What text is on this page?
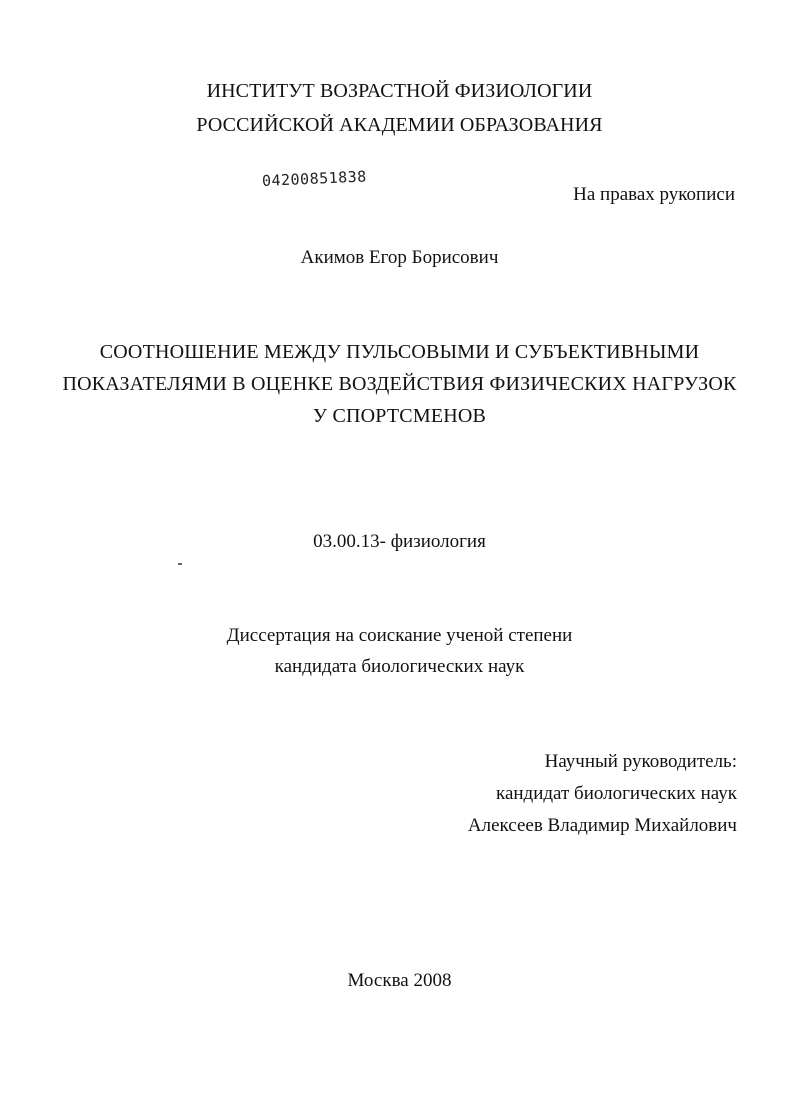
ИНСТИТУТ ВОЗРАСТНОЙ ФИЗИОЛОГИИ
РОССИЙСКОЙ АКАДЕМИИ ОБРАЗОВАНИЯ
04200851838
На правах рукописи
Акимов Егор Борисович
СООТНОШЕНИЕ МЕЖДУ ПУЛЬСОВЫМИ И СУБЪЕКТИВНЫМИ
ПОКАЗАТЕЛЯМИ В ОЦЕНКЕ ВОЗДЕЙСТВИЯ ФИЗИЧЕСКИХ НАГРУЗОК
У СПОРТСМЕНОВ
03.00.13- физиология
Диссертация на соискание ученой степени
кандидата биологических наук
Научный руководитель:
кандидат биологических наук
Алексеев Владимир Михайлович
Москва 2008
